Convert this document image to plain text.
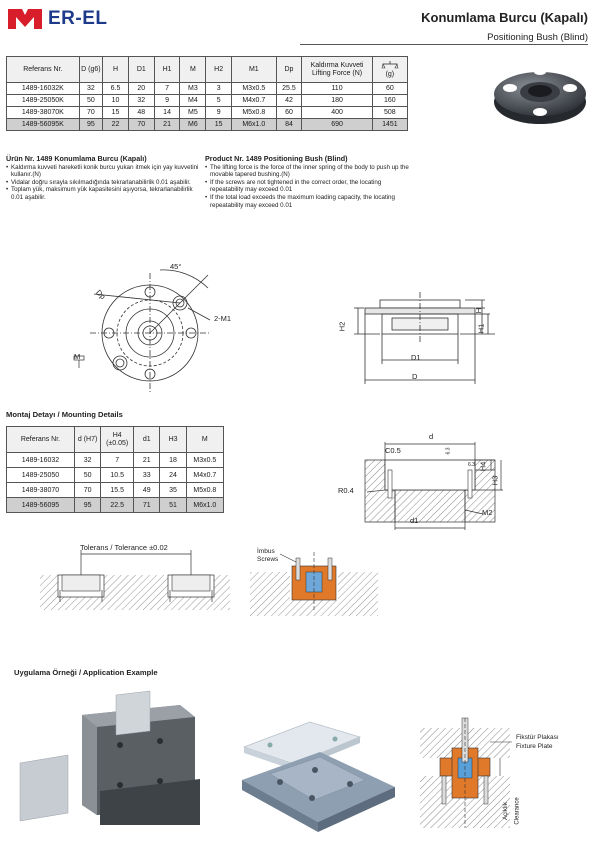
ER-EL	Konumlama Burcu (Kapalı)
Positioning Bush (Blind)
Referans Nr.	D (g6)	H	D1	H1	M	H2	M1	Dp	Kaldırma Kuvveti Lifting Force (N)	(g)
1489-16032K	32	6.5	20	7	M3	3	M3x0.5	25.5	110	60
1489-25050K	50	10	32	9	M4	5	M4x0.7	42	180	160
1489-38070K	70	15	48	14	M5	9	M5x0.8	60	400	508
1489-56095K	95	22	70	21	M6	15	M6x1.0	84	690	1451
Ürün Nr. 1489 Konumlama Burcu (Kapalı)
• Kaldırma kuvveti hareketli konik burcu yukarı itmek için yay kuvvetini kullanır.(N)
• Vidalar doğru sırayla sıkılmadığında tekrarlanabilirlik 0.01 aşabilir.
• Toplam yük, maksimum yük kapasitesini aşıyorsa, tekrarlanabilirlik 0.01 aşabilir.
Product Nr. 1489 Positioning Bush (Blind)
• The lifting force is the force of the inner spring of the body to push up the movable tapered bushing.(N)
• If the screws are not tightened in the correct order, the locating repeatability may exceed 0.01
• If the total load exceeds the maximum loading capacity, the locating repeatability may exceed 0.01
45°
Dp
2-M1
M
H2
H
H1
D1
D
Montaj Detayı / Mounting Details
Referans Nr.	d (H7)	H4 (±0.05)	d1	H3	M
1489-16032	32	7	21	18	M3x0.5
1489-25050	50	10.5	33	24	M4x0.7
1489-38070	70	15.5	49	35	M5x0.8
1489-56095	95	22.5	71	51	M6x1.0
d
C0.5	6.3
6.3 H4
H3
R0.4
M2
d1
Tolerans / Tolerance ±0.02	İmbus Screws
Uygulama Örneği / Application Example
Fikstür Plakası
Fixture Plate
Açıklık Clearance
